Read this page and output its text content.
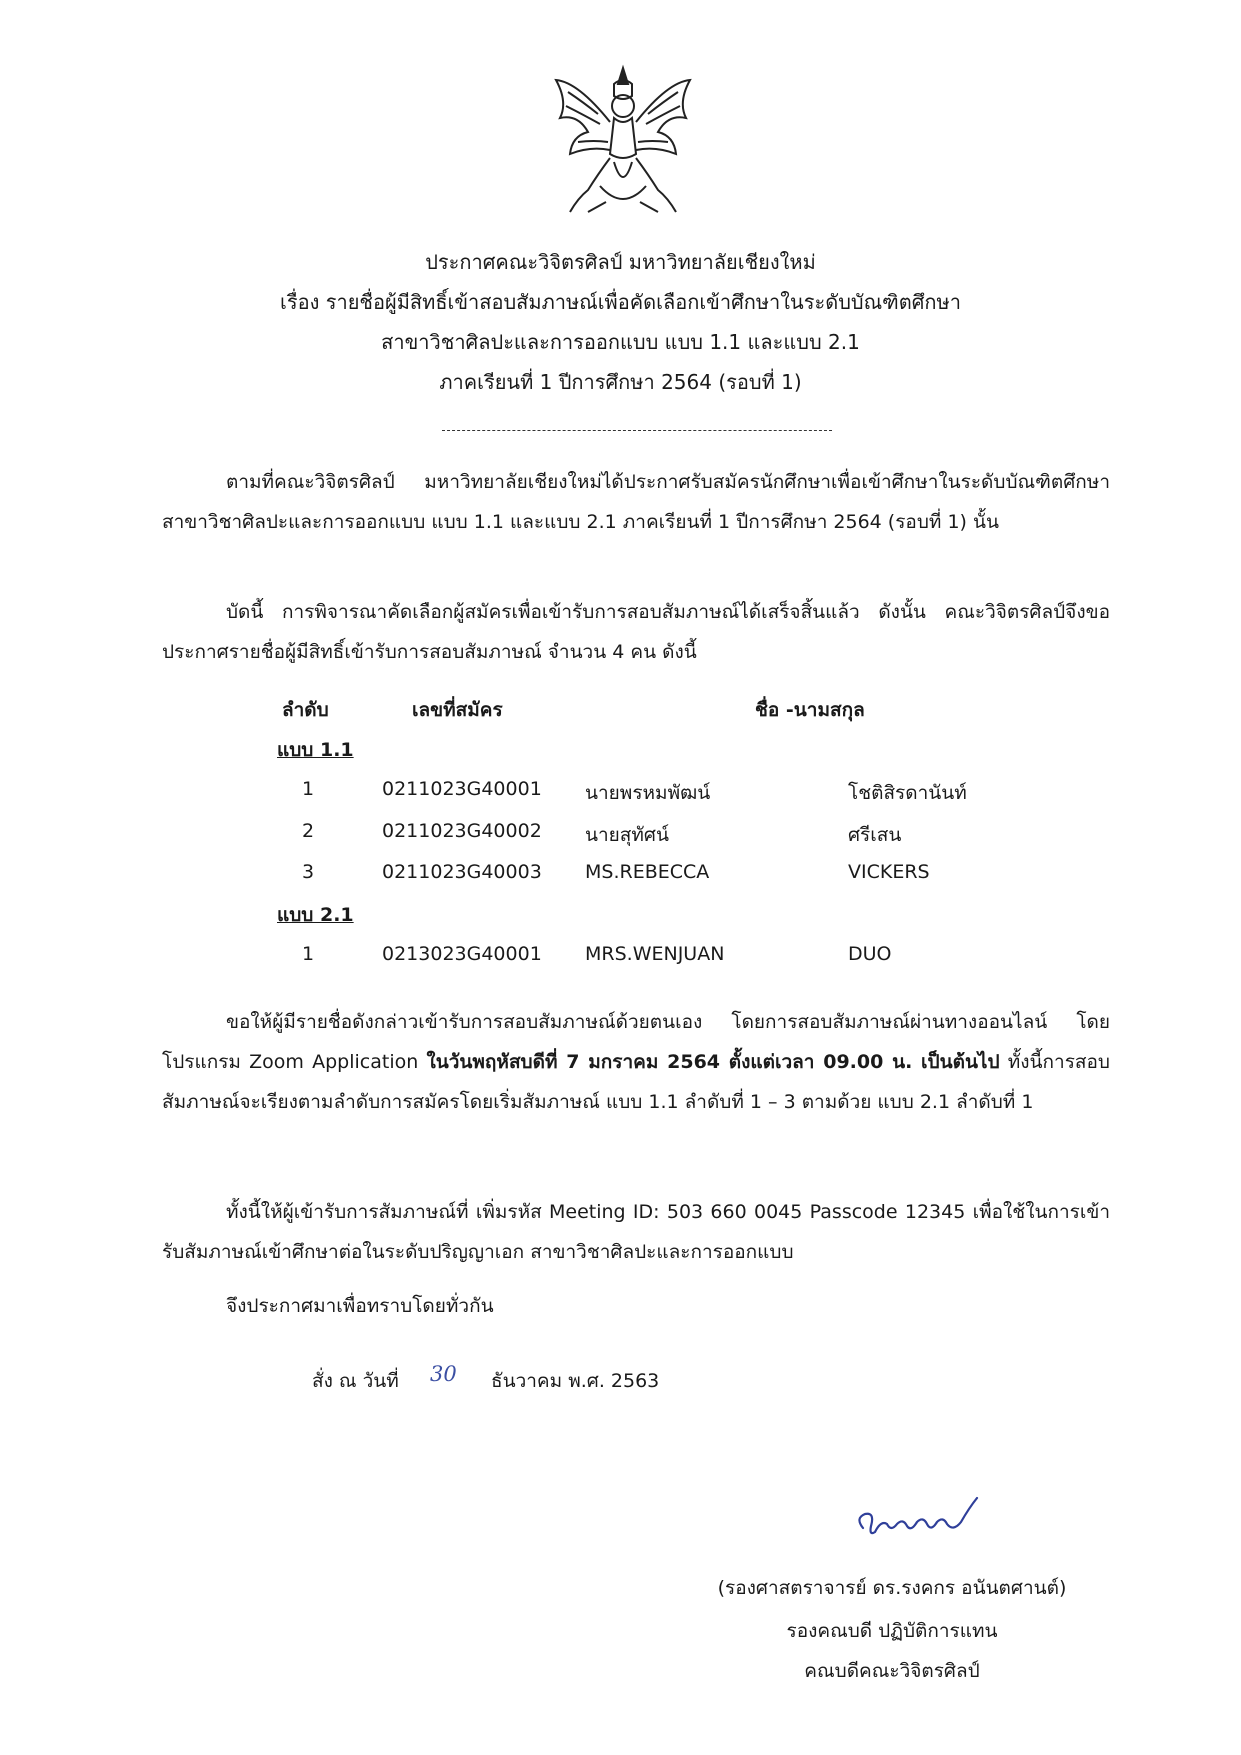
ประกาศคณะวิจิตรศิลป์ มหาวิทยาลัยเชียงใหม่
เรื่อง รายชื่อผู้มีสิทธิ์เข้าสอบสัมภาษณ์เพื่อคัดเลือกเข้าศึกษาในระดับบัณฑิตศึกษา
สาขาวิชาศิลปะและการออกแบบ แบบ 1.1 และแบบ 2.1
ภาคเรียนที่ 1 ปีการศึกษา 2564 (รอบที่ 1)
ตามที่คณะวิจิตรศิลป์ มหาวิทยาลัยเชียงใหม่ได้ประกาศรับสมัครนักศึกษาเพื่อเข้าศึกษาในระดับบัณฑิตศึกษา สาขาวิชาศิลปะและการออกแบบ แบบ 1.1 และแบบ 2.1 ภาคเรียนที่ 1 ปีการศึกษา 2564 (รอบที่ 1) นั้น
บัดนี้ การพิจารณาคัดเลือกผู้สมัครเพื่อเข้ารับการสอบสัมภาษณ์ได้เสร็จสิ้นแล้ว ดังนั้น คณะวิจิตรศิลป์จึงขอประกาศรายชื่อผู้มีสิทธิ์เข้ารับการสอบสัมภาษณ์ จำนวน 4 คน ดังนี้
ลำดับ	เลขที่สมัคร	ชื่อ -นามสกุล
แบบ 1.1
1	0211023G40001 นายพรหมพัฒน์	โชติสิรดานันท์
2	0211023G40002 นายสุทัศน์	ศรีเสน
3	0211023G40003 MS.REBECCA	VICKERS
แบบ 2.1
1	0213023G40001 MRS.WENJUAN	DUO
ขอให้ผู้มีรายชื่อดังกล่าวเข้ารับการสอบสัมภาษณ์ด้วยตนเอง โดยการสอบสัมภาษณ์ผ่านทางออนไลน์ โดยโปรแกรม Zoom Application ในวันพฤหัสบดีที่ 7 มกราคม 2564 ตั้งแต่เวลา 09.00 น. เป็นต้นไป ทั้งนี้การสอบสัมภาษณ์จะเรียงตามลำดับการสมัครโดยเริ่มสัมภาษณ์ แบบ 1.1 ลำดับที่ 1 – 3 ตามด้วย แบบ 2.1 ลำดับที่ 1
ทั้งนี้ให้ผู้เข้ารับการสัมภาษณ์ที่ เพิ่มรหัส Meeting ID: 503 660 0045 Passcode 12345 เพื่อใช้ในการเข้ารับสัมภาษณ์เข้าศึกษาต่อในระดับปริญญาเอก สาขาวิชาศิลปะและการออกแบบ
จึงประกาศมาเพื่อทราบโดยทั่วกัน
สั่ง ณ วันที่ 30 ธันวาคม พ.ศ. 2563
(รองศาสตราจารย์ ดร.รงคกร อนันตศานต์)
รองคณบดี ปฏิบัติการแทน
คณบดีคณะวิจิตรศิลป์
